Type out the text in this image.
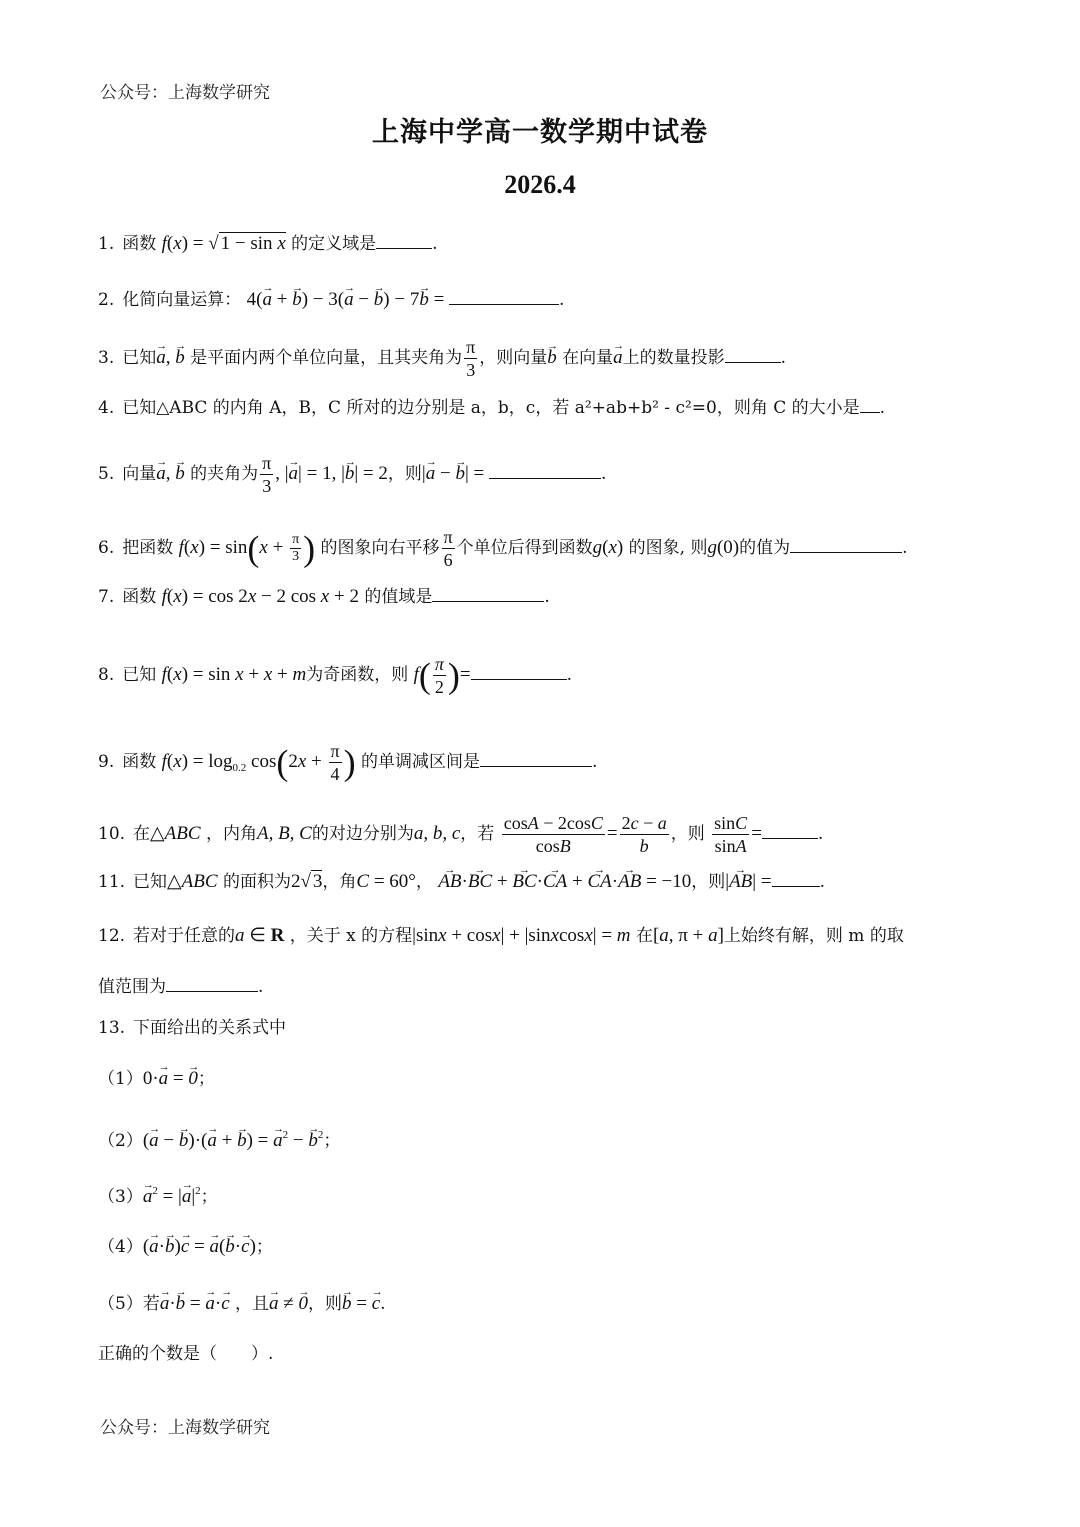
公众号：上海数学研究
上海中学高一数学期中试卷
2026.4
1. 函数 f(x) = √ 1 − sin x 的定义域是	.
2. 化简向量运算： 4(→ a + → b) − 3(→ a − → b) − 7→ b =	.
3. 已知→ a, → b 是平面内两个单位向量，且其夹角为 $\frac{\pi}{3}$ ，则向量→ b 在向量→ a上的数量投影	.
4. 已知△ABC 的内角 A，B，C 所对的边分别是 a，b，c，若 a²+ab+b² - c²=0，则角 C 的大小是 .
5. 向量→ a, → b 的夹角为 $\frac{\pi}{3}$ , |→ a| = 1, |→ b| = 2，则|→ a − → b| =	.
6. 把函数 $f(x) = \sin(x + \frac{\pi}{3}$ ) 的图象向右平移 $\frac{\pi}{6}$ 个单位后得到函数g(x) 的图象, 则g(0)的值为	.
7. 函数 f(x) = cos 2x − 2 cos x + 2 的值域是	.
8. 已知 f(x) = sin x + x + m为奇函数，则 $f( \frac{\pi}{2}$ )=	.
9. 函数 $f(x) = \log_{0.2} \cos(2x + \frac{\pi}{4}$ ) 的单调减区间是	.
10. 在△ABC ，内角A, B, C的对边分别为a, b, c，若 $\frac{\cos A - 2\cos C}{\cos B} = \frac{2c - a}{b}$ ，则 $\frac{\sin C}{\sin A}$ =	.
11. 已知△ABC 的面积为2√ 3，角C = 60°， → AB·→ BC + → BC·→ CA + → CA·→ AB = −10，则|→ AB| =	.
12. 若对于任意的a ∈ R ，关于 x 的方程|sinx + cosx| + |sinxcosx| = m 在[a, π + a]上始终有解，则 m 的取
值范围为	.
13. 下面给出的关系式中
（1）0·→ a = → 0；
（2）(→ a − → b)·(→ a + → b) = → $a^2$ − → $b^2$；
$(3)\to a^2$ = |→ $a|^2$；
（4）(→ a·→ b)→ c = → a(→ b·→ c)；
（5）若→ a·→ b = → a·→ c ，且→ a ≠ → 0，则→ b = → c.
正确的个数是（　　）.
公众号：上海数学研究
